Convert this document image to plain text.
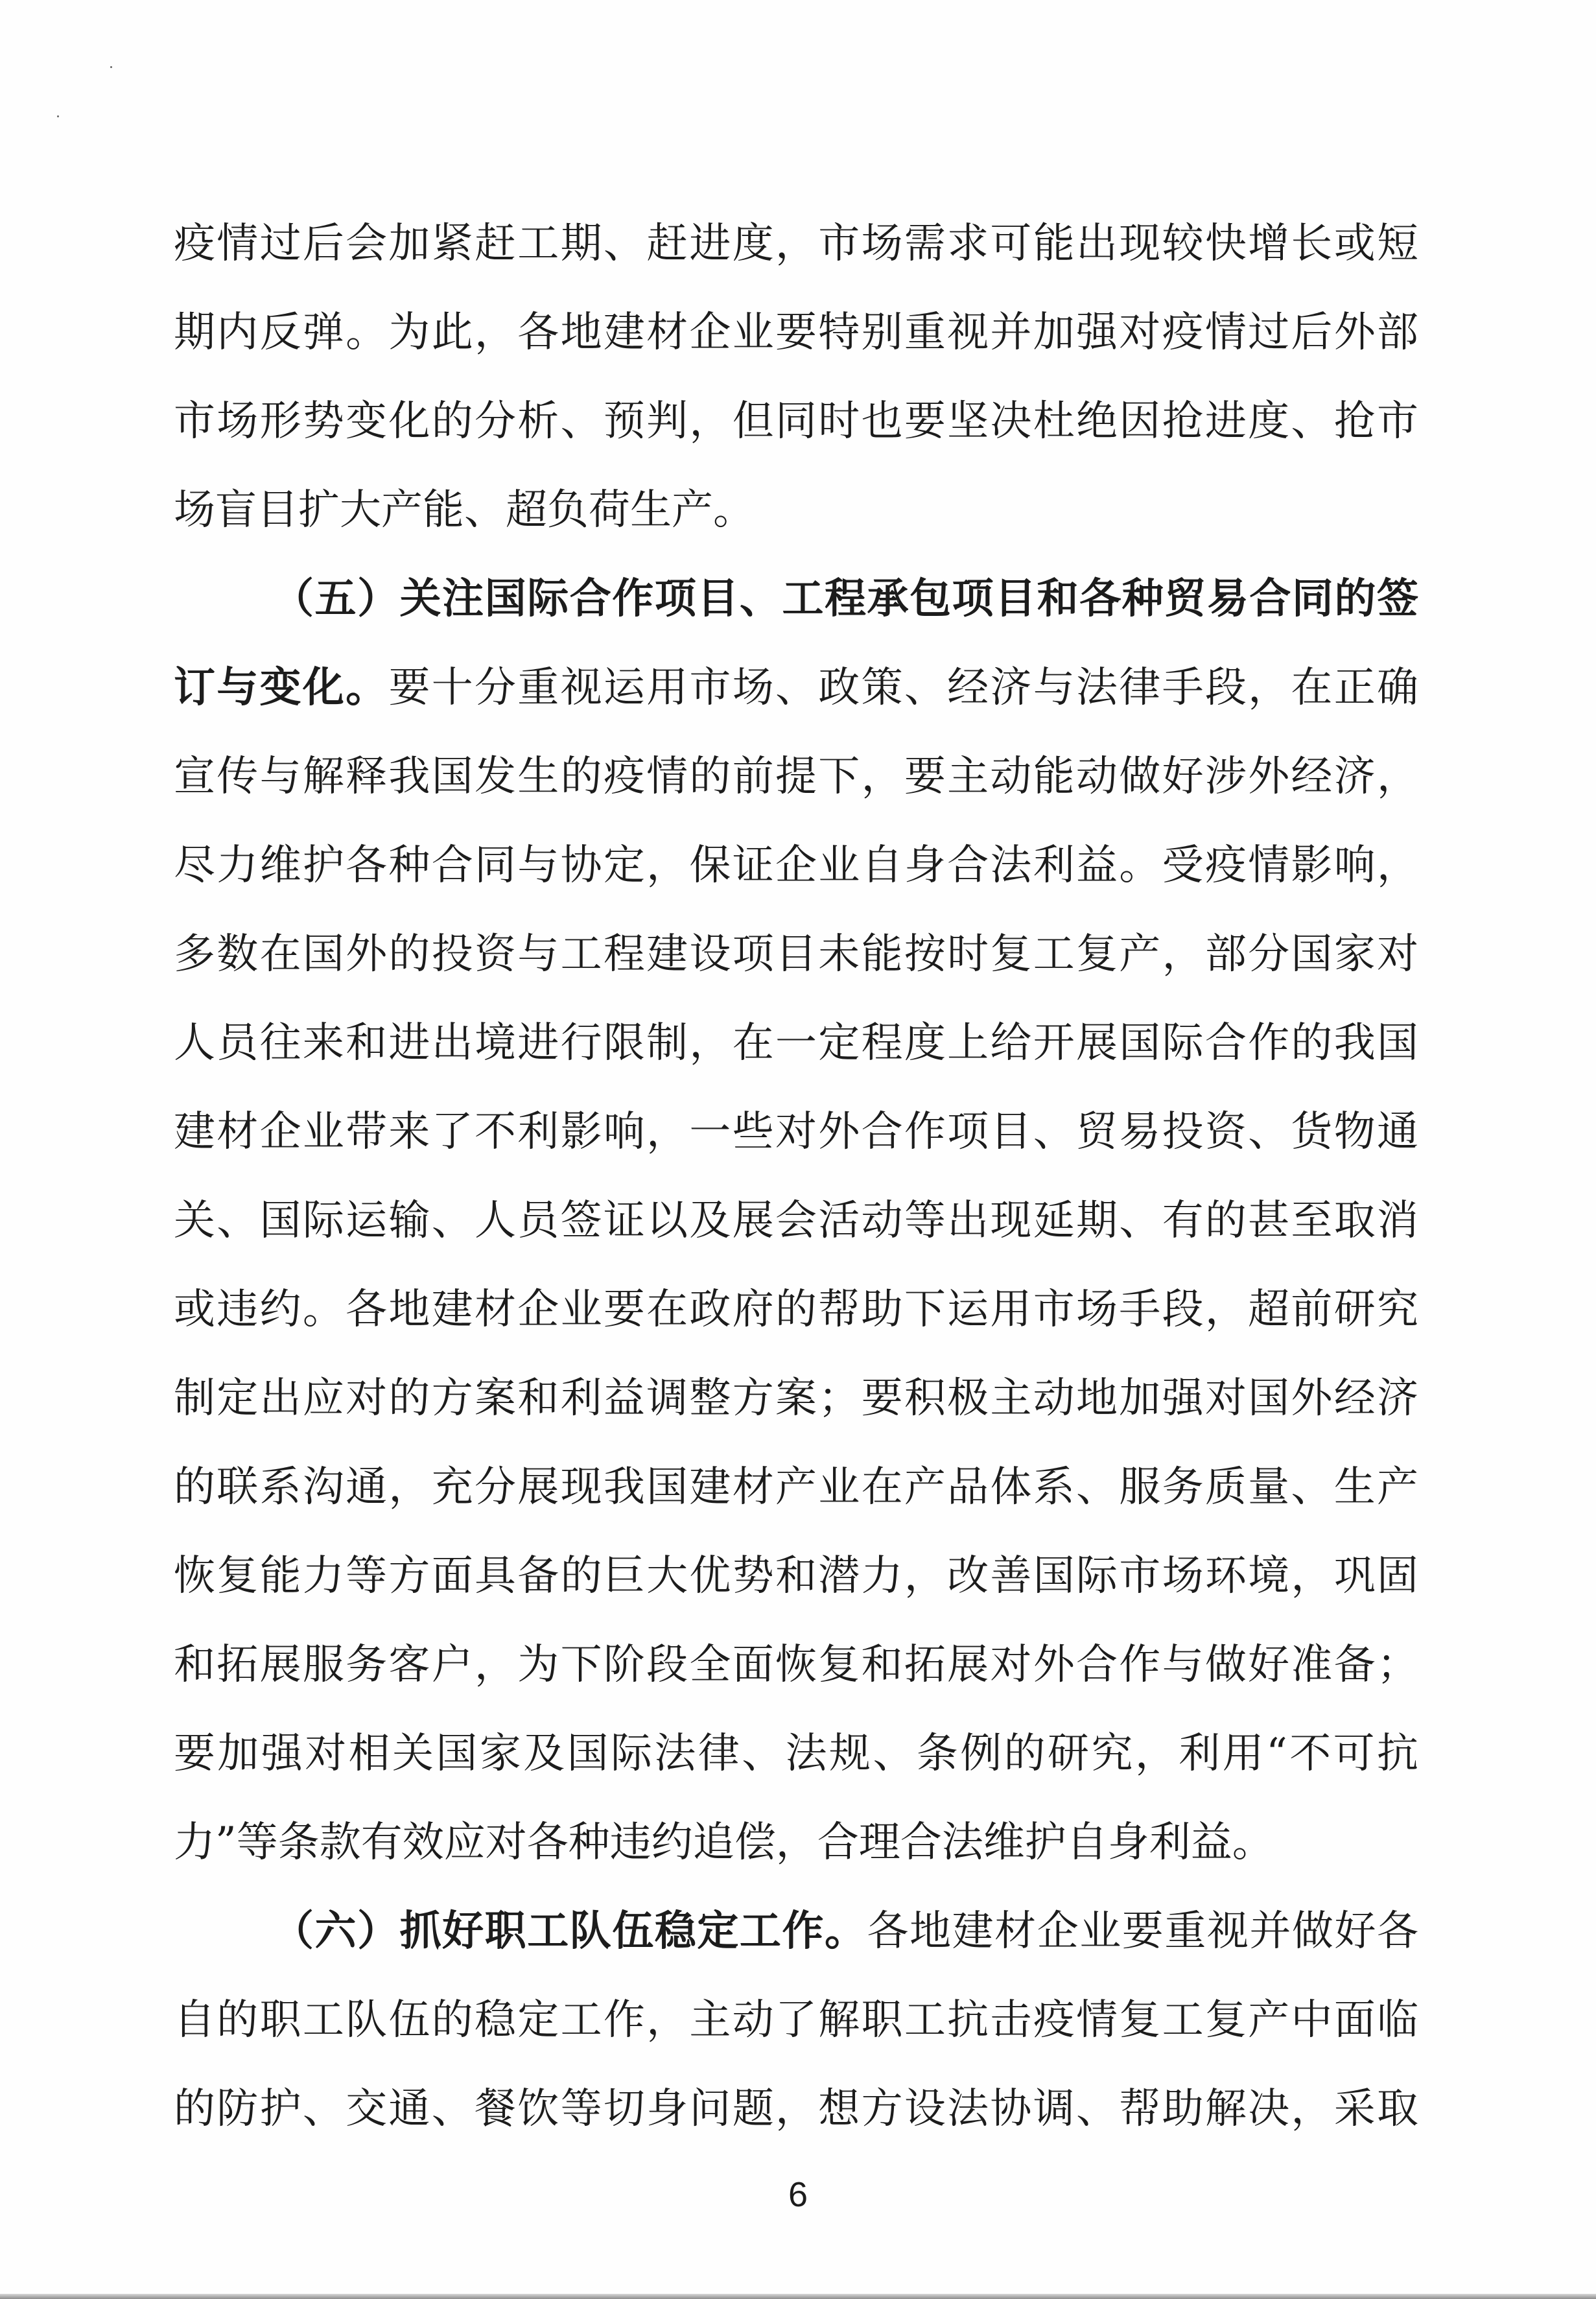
疫情过后会加紧赶工期、赶进度，市场需求可能出现较快增长或短
期内反弹。为此，各地建材企业要特别重视并加强对疫情过后外部
市场形势变化的分析、预判，但同时也要坚决杜绝因抢进度、抢市
场盲目扩大产能、超负荷生产。
（五）关注国际合作项目、工程承包项目和各种贸易合同的签
订与变化。要十分重视运用市场、政策、经济与法律手段，在正确
宣传与解释我国发生的疫情的前提下，要主动能动做好涉外经济，
尽力维护各种合同与协定，保证企业自身合法利益。受疫情影响，
多数在国外的投资与工程建设项目未能按时复工复产，部分国家对
人员往来和进出境进行限制，在一定程度上给开展国际合作的我国
建材企业带来了不利影响，一些对外合作项目、贸易投资、货物通
关、国际运输、人员签证以及展会活动等出现延期、有的甚至取消
或违约。各地建材企业要在政府的帮助下运用市场手段，超前研究
制定出应对的方案和利益调整方案；要积极主动地加强对国外经济
的联系沟通，充分展现我国建材产业在产品体系、服务质量、生产
恢复能力等方面具备的巨大优势和潜力，改善国际市场环境，巩固
和拓展服务客户，为下阶段全面恢复和拓展对外合作与做好准备；
要加强对相关国家及国际法律、法规、条例的研究，利用“不可抗
力”等条款有效应对各种违约追偿，合理合法维护自身利益。
（六）抓好职工队伍稳定工作。各地建材企业要重视并做好各
自的职工队伍的稳定工作，主动了解职工抗击疫情复工复产中面临
的防护、交通、餐饮等切身问题，想方设法协调、帮助解决，采取
6
